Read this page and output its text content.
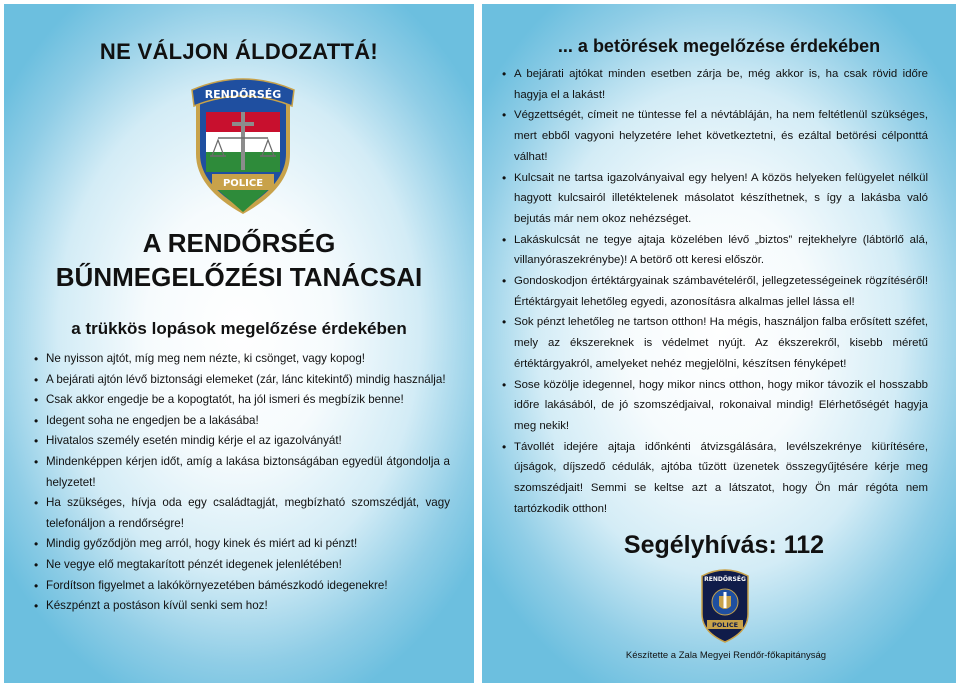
NE VÁLJON ÁLDOZATTÁ!
RENDŐRSÉG
POLICE
A RENDŐRSÉG
BŰNMEGELŐZÉSI TANÁCSAI
a trükkös lopások megelőzése érdekében
• Ne nyisson ajtót, míg meg nem nézte, ki csönget, vagy kopog!
• A bejárati ajtón lévő biztonsági elemeket (zár, lánc kitekintő) mindig használja!
• Csak akkor engedje be a kopogtatót, ha jól ismeri és megbízik benne!
• Idegent soha ne engedjen be a lakásába!
• Hivatalos személy esetén mindig kérje el az igazolványát!
• Mindenképpen kérjen időt, amíg a lakása biztonságában egyedül átgondolja a helyzetet!
• Ha szükséges, hívja oda egy családtagját, megbízható szomszédját, vagy telefonáljon a rendőrségre!
• Mindig győződjön meg arról, hogy kinek és miért ad ki pénzt!
• Ne vegye elő megtakarított pénzét idegenek jelenlétében!
• Fordítson figyelmet a lakókörnyezetében bámészkodó idegenekre!
• Készpénzt a postáson kívül senki sem hoz!
... a betörések megelőzése érdekében
• A bejárati ajtókat minden esetben zárja be, még akkor is, ha csak rövid időre hagyja el a lakást!
• Végzettségét, címeit ne tüntesse fel a névtábláján, ha nem feltétlenül szükséges, mert ebből vagyoni helyzetére lehet következtetni, és ezáltal betörési célponttá válhat!
• Kulcsait ne tartsa igazolványaival egy helyen! A közös helyeken felügyelet nélkül hagyott kulcsairól illetéktelenek másolatot készíthetnek, s így a lakásba való bejutás már nem okoz nehézséget.
• Lakáskulcsát ne tegye ajtaja közelében lévő „biztos” rejtekhelyre (lábtörlő alá, villanyóraszekrénybe)! A betörő ott keresi először.
• Gondoskodjon értéktárgyainak számbavételéről, jellegzetességeinek rögzítéséről! Értéktárgyait lehetőleg egyedi, azonosításra alkalmas jellel lássa el!
• Sok pénzt lehetőleg ne tartson otthon! Ha mégis, használjon falba erősített széfet, mely az ékszereknek is védelmet nyújt. Az ékszerekről, kisebb méretű értéktárgyakról, amelyeket nehéz megjelölni, készítsen fényképet!
• Sose közölje idegennel, hogy mikor nincs otthon, hogy mikor távozik el hosszabb időre lakásából, de jó szomszédjaival, rokonaival mindig! Elérhetőségét hagyja meg nekik!
• Távollét idejére ajtaja időnkénti átvizsgálására, levélszekrénye kiürítésére, újságok, díjszedő cédulák, ajtóba tűzött üzenetek összegyűjtésére kérje meg szomszédjait! Semmi se keltse azt a látszatot, hogy Ön már régóta nem tartózkodik otthon!
Segélyhívás: 112
RENDŐRSÉG
POLICE

Készítette a Zala Megyei Rendőr-főkapitányság
